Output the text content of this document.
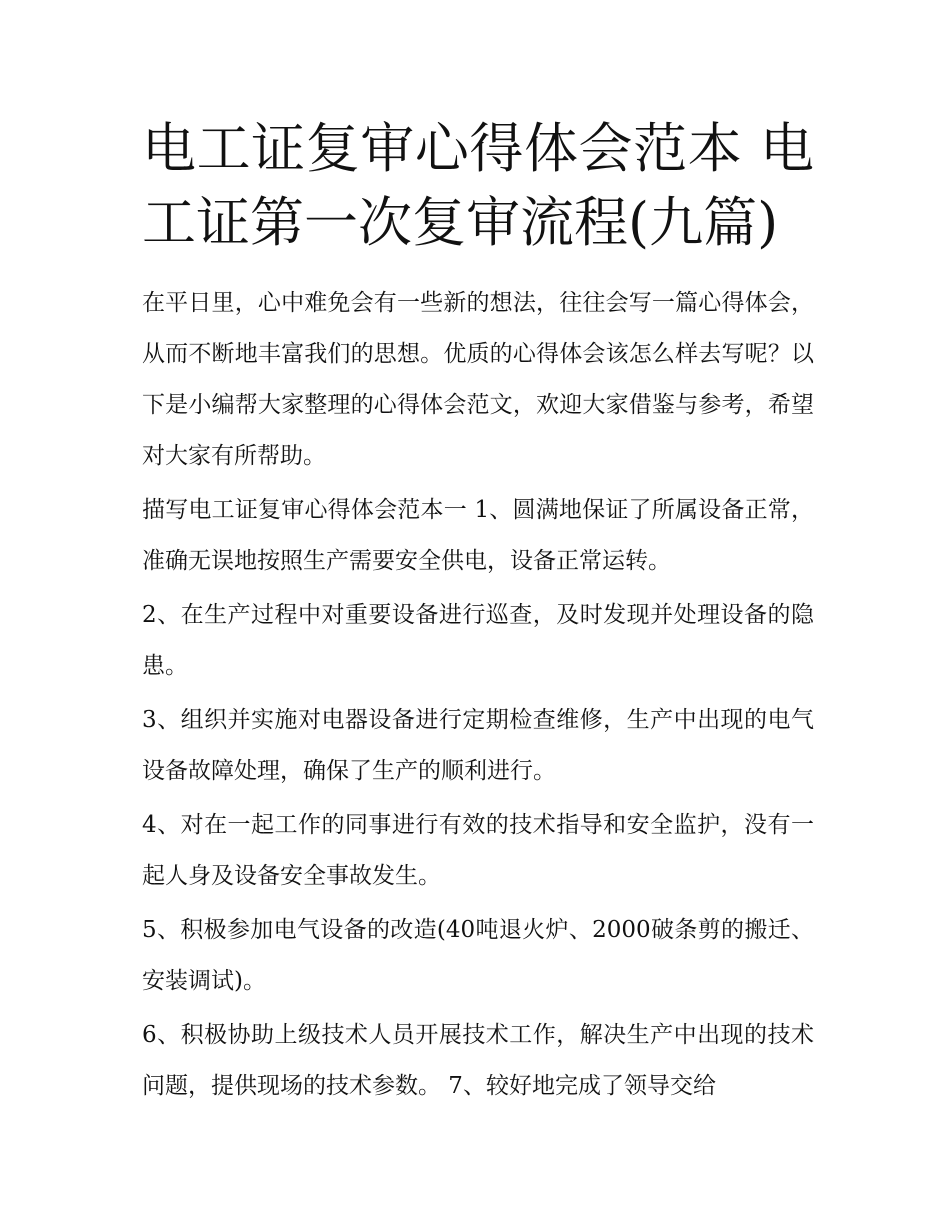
电工证复审心得体会范本 电工证第一次复审流程(九篇)

在平日里，心中难免会有一些新的想法，往往会写一篇心得体会，从而不断地丰富我们的思想。优质的心得体会该怎么样去写呢？以下是小编帮大家整理的心得体会范文，欢迎大家借鉴与参考，希望对大家有所帮助。

描写电工证复审心得体会范本一 1、圆满地保证了所属设备正常，准确无误地按照生产需要安全供电，设备正常运转。

2、在生产过程中对重要设备进行巡查，及时发现并处理设备的隐患。

3、组织并实施对电器设备进行定期检查维修，生产中出现的电气设备故障处理，确保了生产的顺利进行。

4、对在一起工作的同事进行有效的技术指导和安全监护，没有一起人身及设备安全事故发生。

5、积极参加电气设备的改造(40吨退火炉、2000破条剪的搬迁、安装调试)。

6、积极协助上级技术人员开展技术工作，解决生产中出现的技术问题，提供现场的技术参数。 7、较好地完成了领导交给
